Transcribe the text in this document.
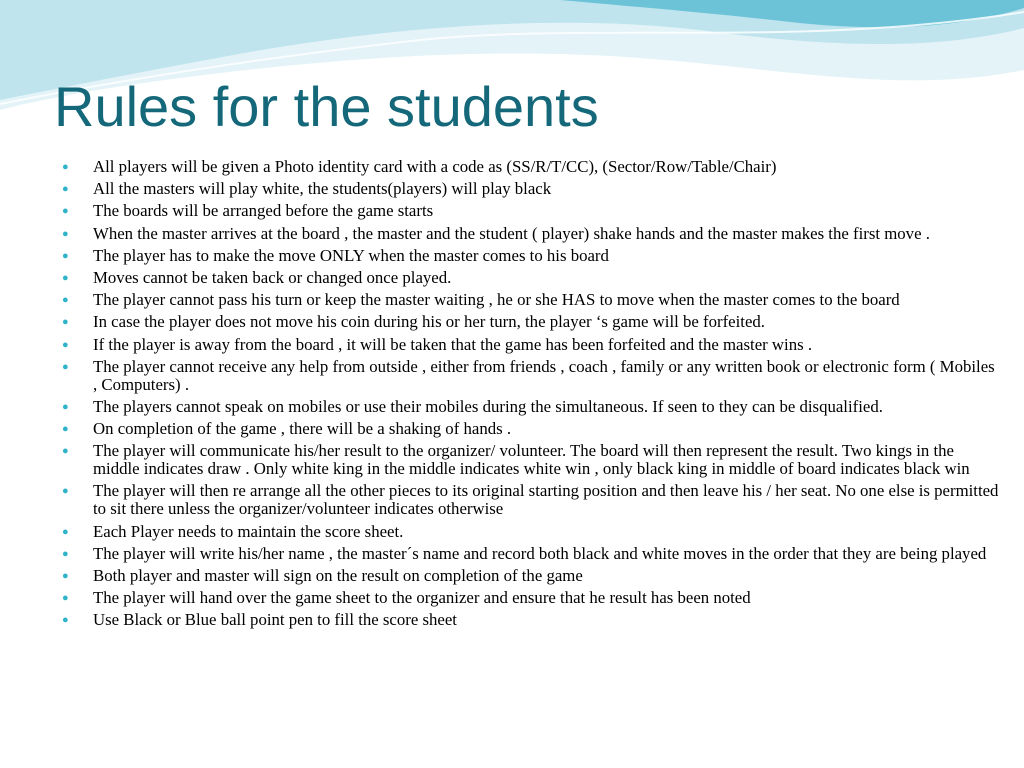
Rules for the students
●
All players will be given a Photo identity card with a code as (SS/R/T/CC), (Sector/Row/Table/Chair)
●
All the masters will play white, the students(players) will play black
●
The boards will be arranged before the game starts
●
When the master arrives at the board , the master and the student ( player) shake hands and the master makes the first move .
●
The player has to make the move ONLY when the master comes to his board
●
Moves cannot be taken back or changed once played.
●
The player cannot pass his turn or keep the master waiting , he or she HAS to move when the master comes to the board
●
In case the player does not move his coin during his or her turn, the player ‘s game will be forfeited.
●
If the player is away from the board , it will be taken that the game has been forfeited and the master wins .
●
The player cannot receive any help from outside , either from friends , coach , family or any written book or electronic form ( Mobiles , Computers) .
●
The players cannot speak on mobiles or use their mobiles during the simultaneous. If seen to they can be disqualified.
●
On completion of the game , there will be a shaking of hands .
●
The player will communicate his/her result to the organizer/ volunteer. The board will then represent the result. Two kings in the middle indicates draw . Only white king in the middle indicates white win , only black king in middle of board indicates black win
●
The player will then re arrange all the other pieces to its original starting position and then leave his / her seat. No one else is permitted to sit there unless the organizer/volunteer indicates otherwise
●
Each Player needs to maintain the score sheet.
●
The player will write his/her name , the master´s name and record both black and white moves in the order that they are being played
●
Both player and master will sign on the result on completion of the game
●
The player will hand over the game sheet to the organizer and ensure that he result has been noted
●
Use Black or Blue ball point pen to fill the score sheet
